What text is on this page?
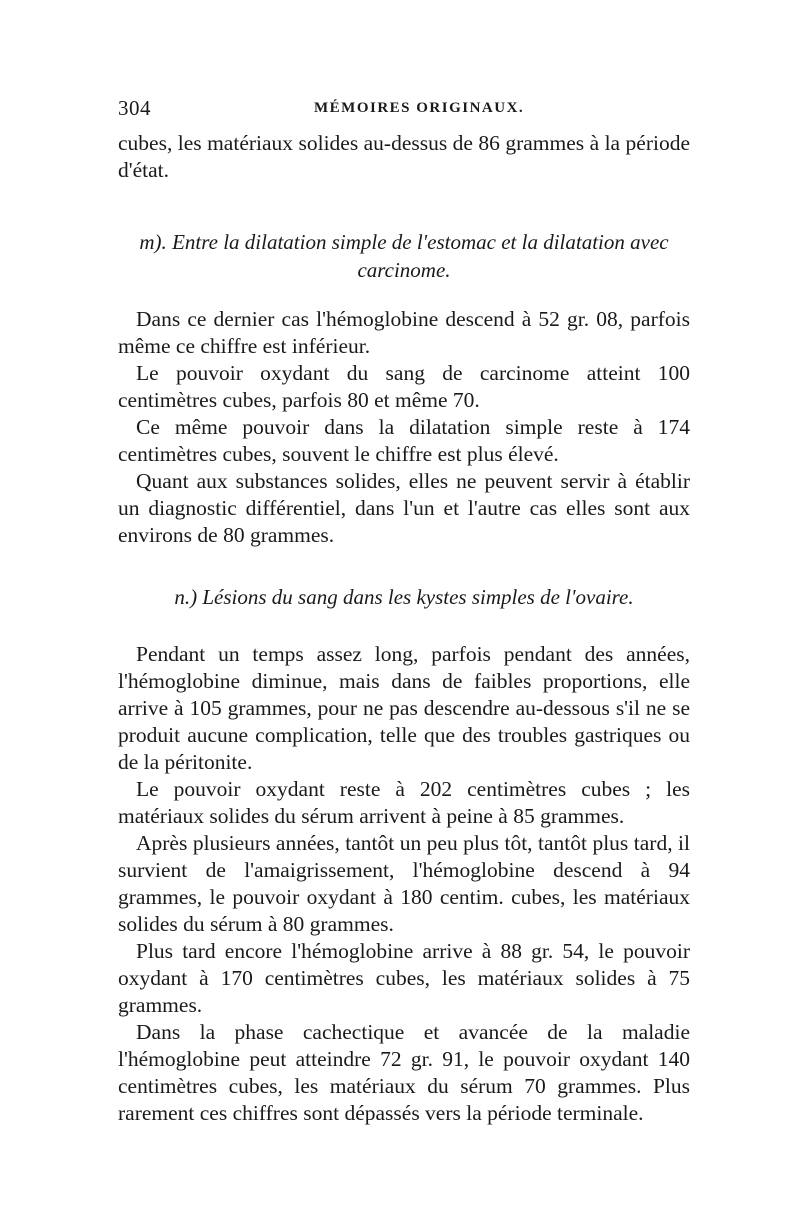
304	MÉMOIRES ORIGINAUX.

cubes, les matériaux solides au-dessus de 86 grammes à la période d'état.

m). Entre la dilatation simple de l'estomac et la dilatation avec
carcinome.

Dans ce dernier cas l'hémoglobine descend à 52 gr. 08, parfois même ce chiffre est inférieur.

Le pouvoir oxydant du sang de carcinome atteint 100 centimètres cubes, parfois 80 et même 70.

Ce même pouvoir dans la dilatation simple reste à 174 centimètres cubes, souvent le chiffre est plus élevé.

Quant aux substances solides, elles ne peuvent servir à établir un diagnostic différentiel, dans l'un et l'autre cas elles sont aux environs de 80 grammes.

n.) Lésions du sang dans les kystes simples de l'ovaire.

Pendant un temps assez long, parfois pendant des années, l'hémoglobine diminue, mais dans de faibles proportions, elle arrive à 105 grammes, pour ne pas descendre au-dessous s'il ne se produit aucune complication, telle que des troubles gastriques ou de la péritonite.

Le pouvoir oxydant reste à 202 centimètres cubes ; les matériaux solides du sérum arrivent à peine à 85 grammes.

Après plusieurs années, tantôt un peu plus tôt, tantôt plus tard, il survient de l'amaigrissement, l'hémoglobine descend à 94 grammes, le pouvoir oxydant à 180 centim. cubes, les matériaux solides du sérum à 80 grammes.

Plus tard encore l'hémoglobine arrive à 88 gr. 54, le pouvoir oxydant à 170 centimètres cubes, les matériaux solides à 75 grammes.

Dans la phase cachectique et avancée de la maladie l'hémoglobine peut atteindre 72 gr. 91, le pouvoir oxydant 140 centimètres cubes, les matériaux du sérum 70 grammes. Plus rarement ces chiffres sont dépassés vers la période terminale.
